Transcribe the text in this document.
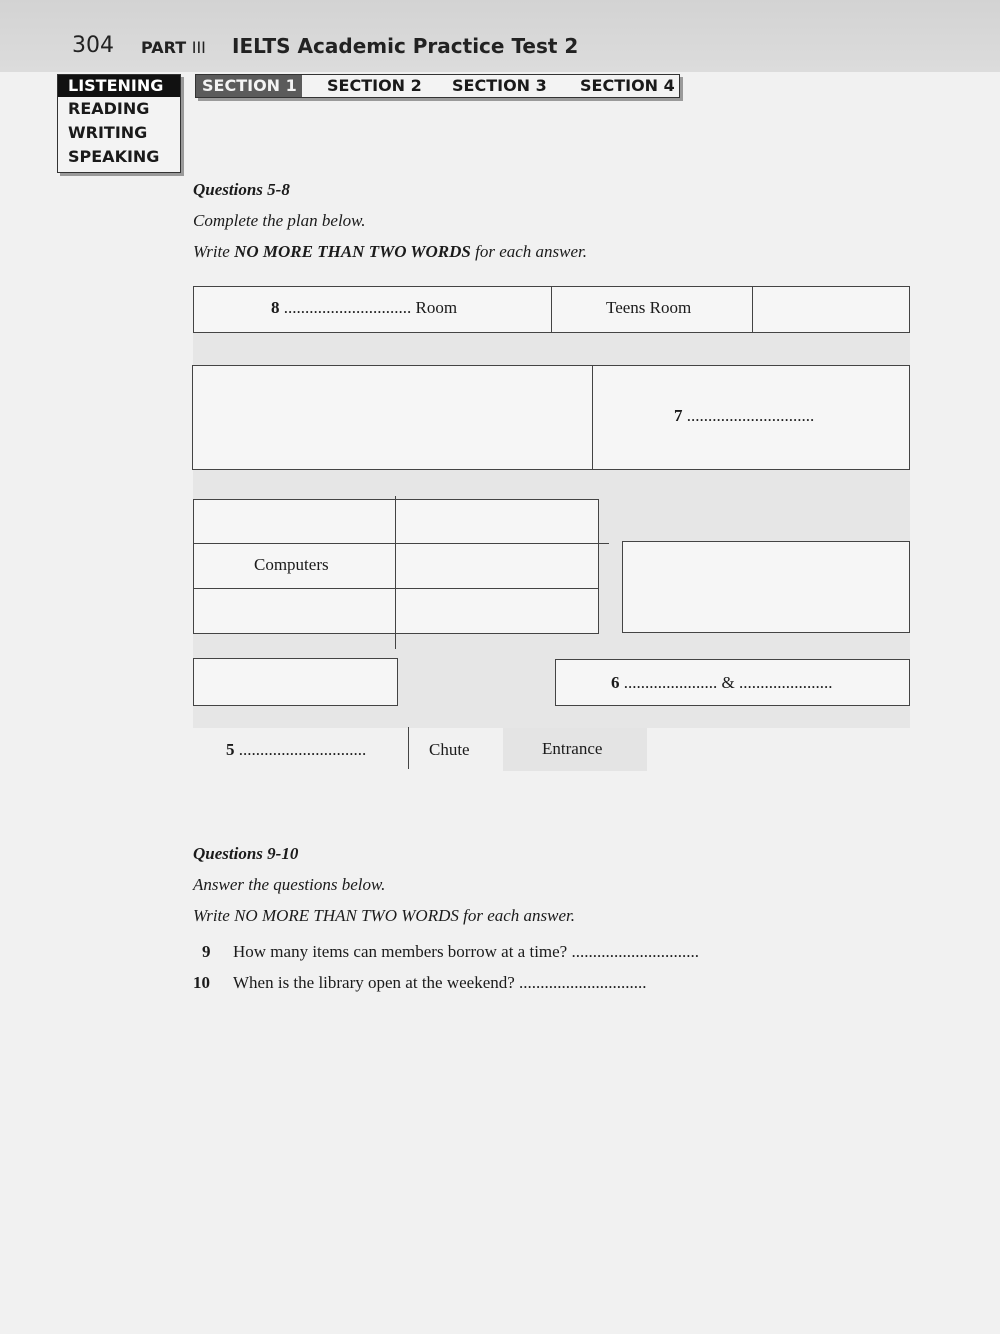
304 PART III IELTS Academic Practice Test 2
LISTENING
READING
WRITING
SPEAKING
SECTION 1	SECTION 2 SECTION 3 SECTION 4
Questions 5-8
Complete the plan below.
Write NO MORE THAN TWO WORDS for each answer.
8 .............................. Room	Teens Room
7 ..............................
Computers
6 ...................... & ......................
5 ..............................	Chute	Entrance
Questions 9-10
Answer the questions below.
Write NO MORE THAN TWO WORDS for each answer.
9 How many items can members borrow at a time? ..............................
10 When is the library open at the weekend? ..............................
